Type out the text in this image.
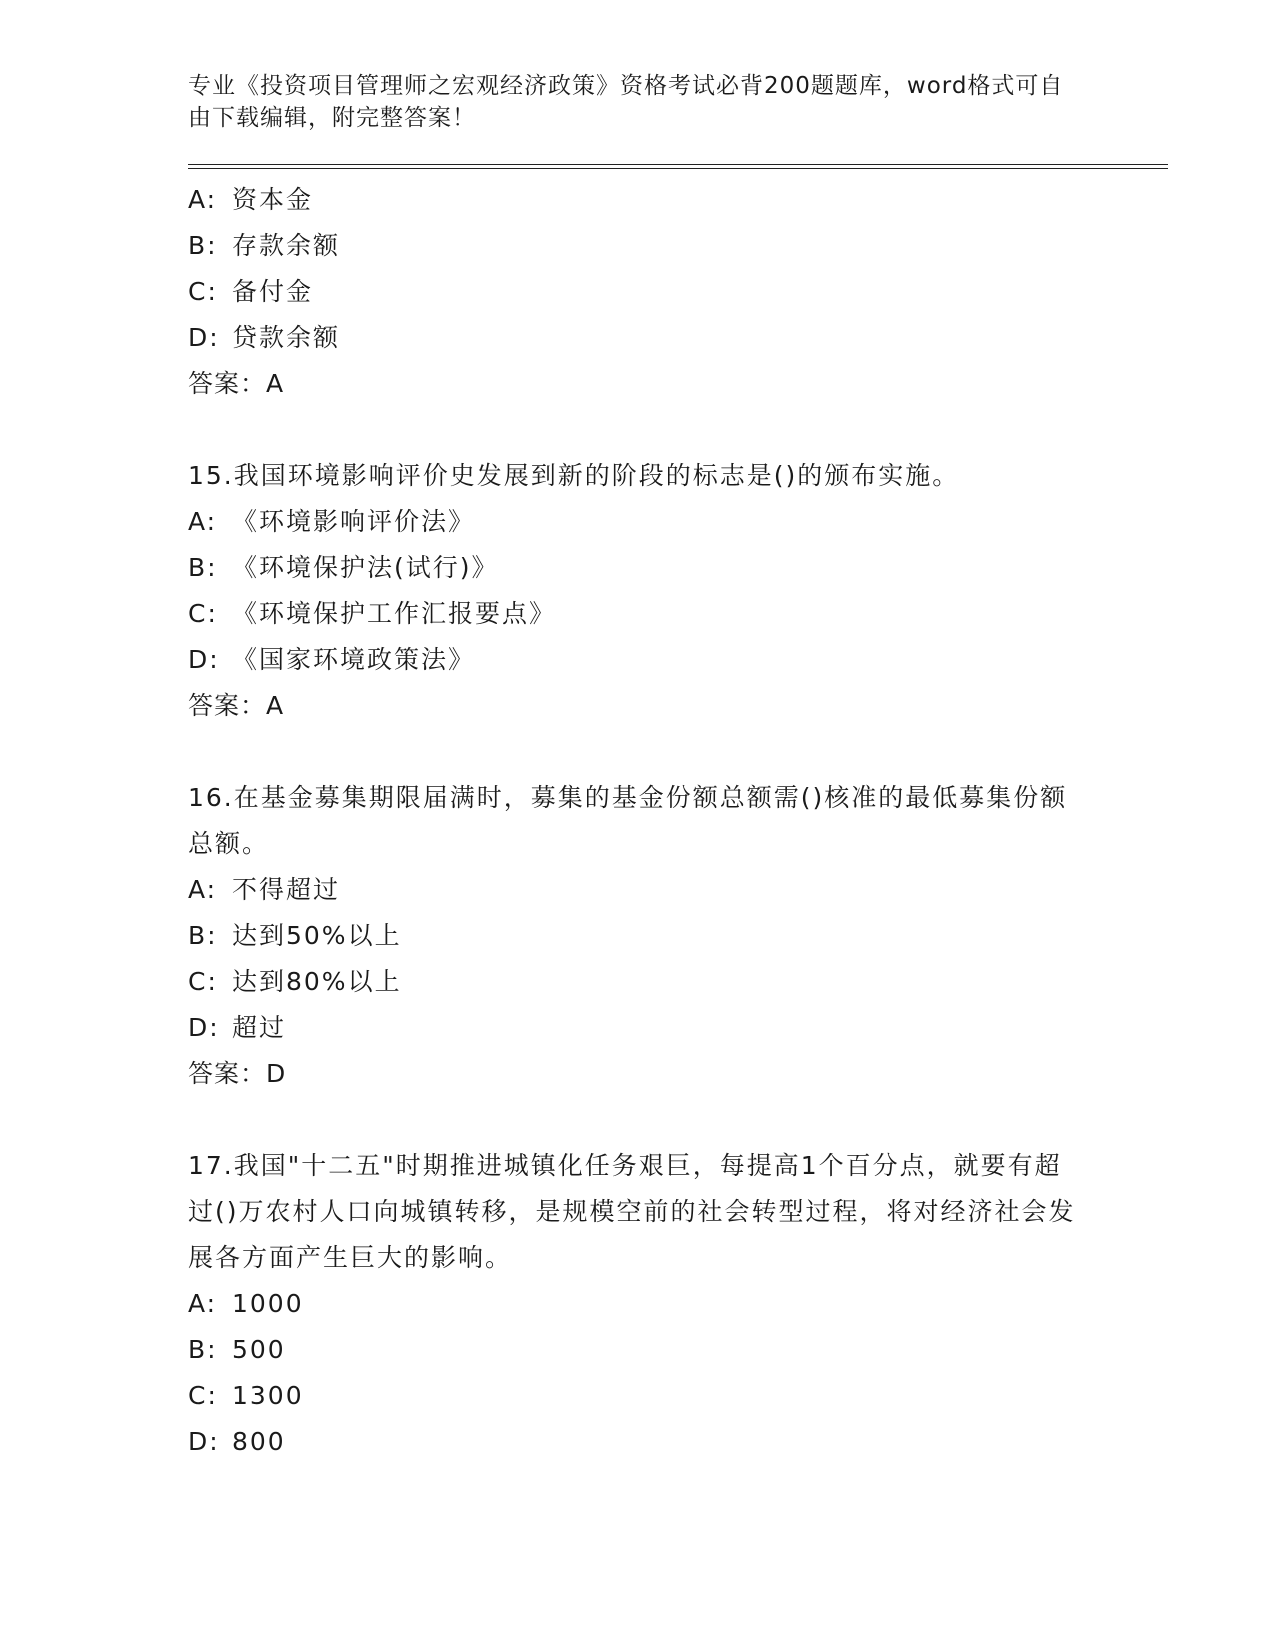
专业《投资项目管理师之宏观经济政策》资格考试必背200题题库，word格式可自由下载编辑，附完整答案！
A: 资本金
B: 存款余额
C: 备付金
D: 贷款余额
答案：A
15.我国环境影响评价史发展到新的阶段的标志是()的颁布实施。
A: 《环境影响评价法》
B: 《环境保护法(试行)》
C: 《环境保护工作汇报要点》
D: 《国家环境政策法》
答案：A
16.在基金募集期限届满时，募集的基金份额总额需()核准的最低募集份额总额。
A: 不得超过
B: 达到50%以上
C: 达到80%以上
D: 超过
答案：D
17.我国"十二五"时期推进城镇化任务艰巨，每提高1个百分点，就要有超过()万农村人口向城镇转移，是规模空前的社会转型过程，将对经济社会发展各方面产生巨大的影响。
A: 1000
B: 500
C: 1300
D: 800
